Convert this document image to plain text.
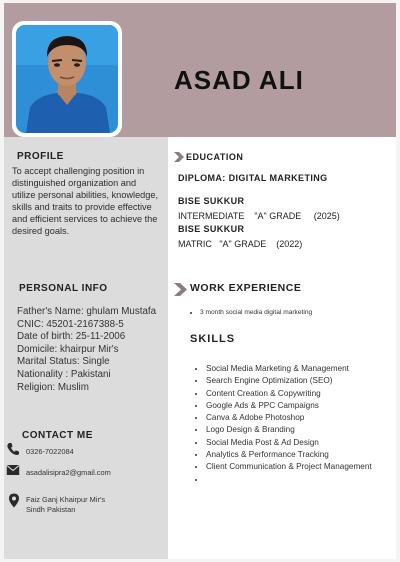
ASAD ALI
PROFILE

To accept challenging position in distinguished organization and utilize personal abilities, knowledge, skills and traits to provide effective and efficient services to achieve the desired goals.

PERSONAL INFO
Father's Name: ghulam Mustafa
CNIC: 45201-2167388-5
Date of birth: 25-11-2006
Domicile: khairpur Mir's
Marital Status: Single
Nationality : Pakistani
Religion: Muslim
CONTACT ME
0326-7022084
asadalisipra2@gmail.com
Faiz Ganj Khairpur Mir's
Sindh Pakistan
EDUCATION
DIPLOMA: DIGITAL MARKETING
BISE SUKKUR
INTERMEDIATE    "A" GRADE     (2025)
BISE SUKKUR
MATRIC   "A" GRADE    (2022)
WORK EXPERIENCE
• 3 month social media digital marketing
SKILLS
• Social Media Marketing & Management
• Search Engine Optimization (SEO)
• Content Creation & Copywriting
• Google Ads & PPC Campaigns
• Canva & Adobe Photoshop
• Logo Design & Branding
• Social Media Post & Ad Design
• Analytics & Performance Tracking
• Client Communication & Project Management
•
